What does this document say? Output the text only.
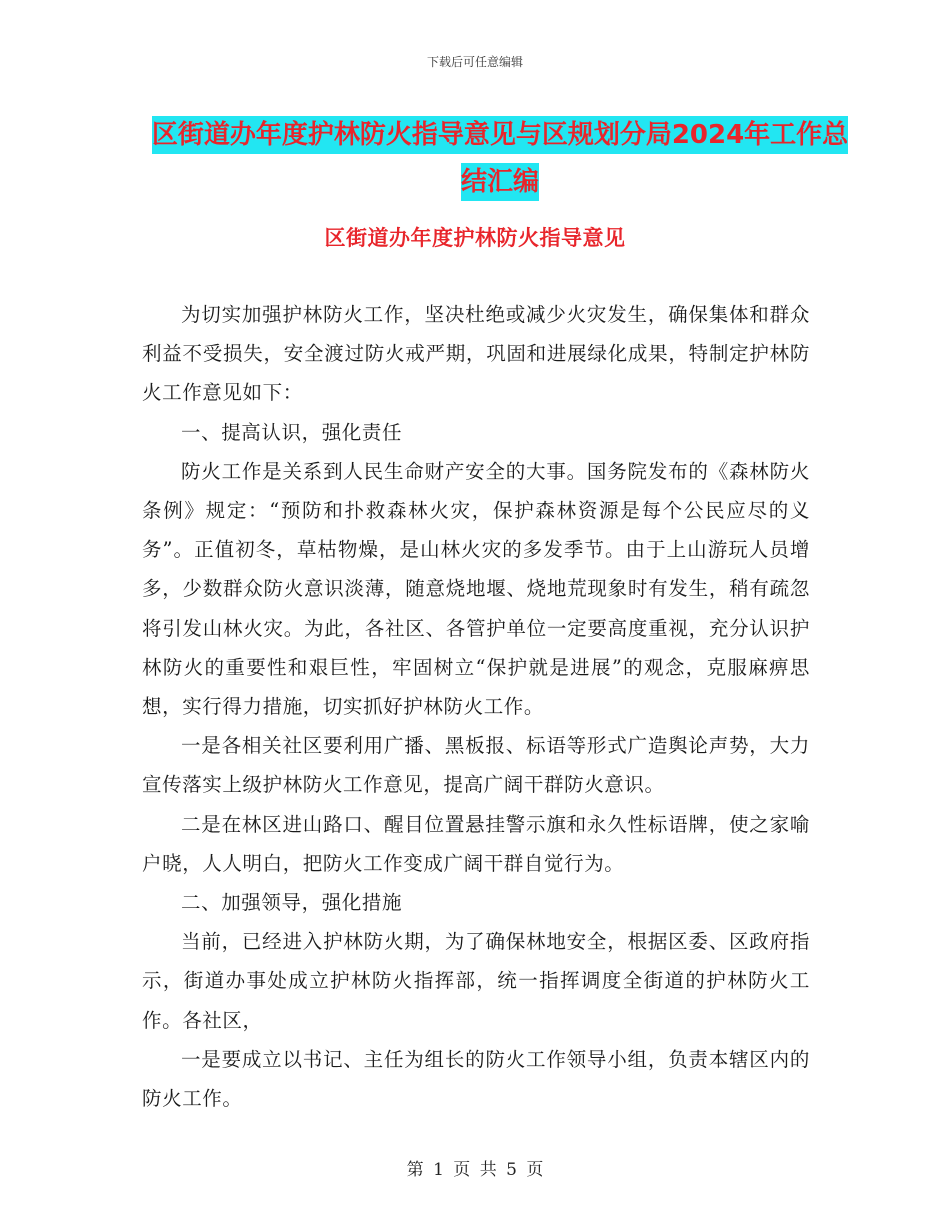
下载后可任意编辑
区街道办年度护林防火指导意见与区规划分局2024年工作总结汇编
区街道办年度护林防火指导意见

为切实加强护林防火工作，坚决杜绝或减少火灾发生，确保集体和群众利益不受损失，安全渡过防火戒严期，巩固和进展绿化成果，特制定护林防火工作意见如下：

一、提高认识，强化责任

防火工作是关系到人民生命财产安全的大事。国务院发布的《森林防火条例》规定：“预防和扑救森林火灾，保护森林资源是每个公民应尽的义务”。正值初冬，草枯物燥，是山林火灾的多发季节。由于上山游玩人员增多，少数群众防火意识淡薄，随意烧地堰、烧地荒现象时有发生，稍有疏忽将引发山林火灾。为此，各社区、各管护单位一定要高度重视，充分认识护林防火的重要性和艰巨性，牢固树立“保护就是进展”的观念，克服麻痹思想，实行得力措施，切实抓好护林防火工作。

一是各相关社区要利用广播、黑板报、标语等形式广造舆论声势，大力宣传落实上级护林防火工作意见，提高广阔干群防火意识。

二是在林区进山路口、醒目位置悬挂警示旗和永久性标语牌，使之家喻户晓，人人明白，把防火工作变成广阔干群自觉行为。

二、加强领导，强化措施

当前，已经进入护林防火期，为了确保林地安全，根据区委、区政府指示，街道办事处成立护林防火指挥部，统一指挥调度全街道的护林防火工作。各社区，

一是要成立以书记、主任为组长的防火工作领导小组，负责本辖区内的防火工作。

第 1 页 共 5 页
